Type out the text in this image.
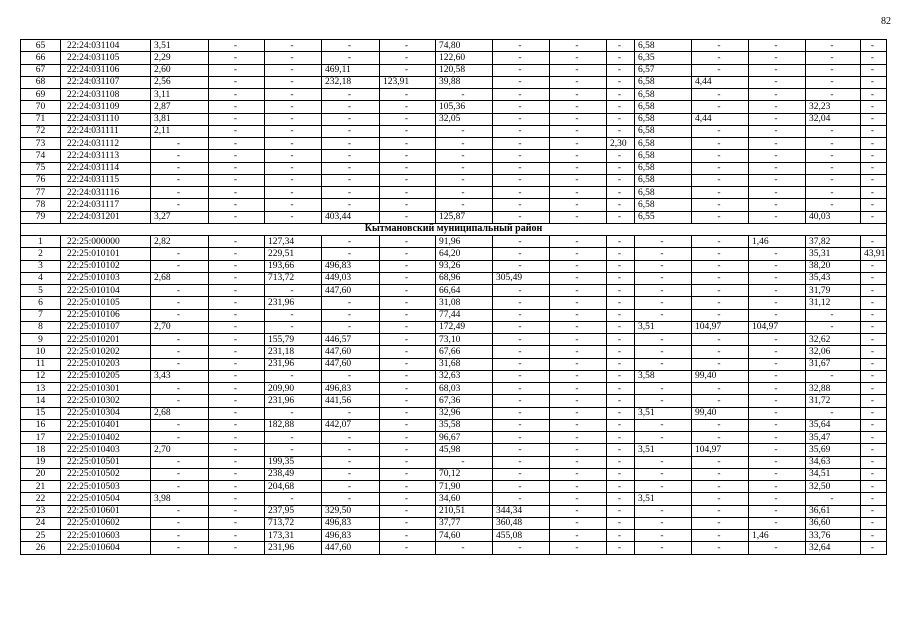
82
65	22:24:031104	3,51	-	-	-	-	74,80	-	-	-	6,58	-	-	-	-
66	22:24:031105	2,29	-	-	-	-	122,60	-	-	-	6,35	-	-	-	-
67	22:24:031106	2,60	-	-	469,11	-	120,58	-	-	-	6,57	-	-	-	-
68	22:24:031107	2,56	-	-	232,18	123,91	39,88	-	-	-	6,58	4,44	-	-	-
69	22:24:031108	3,11	-	-	-	-	-	-	-	-	6,58	-	-	-	-
70	22:24:031109	2,87	-	-	-	-	105,36	-	-	-	6,58	-	-	32,23	-
71	22:24:031110	3,81	-	-	-	-	32,05	-	-	-	6,58	4,44	-	32,04	-
72	22:24:031111	2,11	-	-	-	-	-	-	-	-	6,58	-	-	-	-
73	22:24:031112	-	-	-	-	-	-	-	-	2,30	6,58	-	-	-	-
74	22:24:031113	-	-	-	-	-	-	-	-	-	6,58	-	-	-	-
75	22:24:031114	-	-	-	-	-	-	-	-	-	6,58	-	-	-	-
76	22:24:031115	-	-	-	-	-	-	-	-	-	6,58	-	-	-	-
77	22:24:031116	-	-	-	-	-	-	-	-	-	6,58	-	-	-	-
78	22:24:031117	-	-	-	-	-	-	-	-	-	6,58	-	-	-	-
79	22:24:031201	3,27	-	-	403,44	-	125,87	-	-	-	6,55	-	-	40,03	-
Кытмановский муниципальный район															
1	22:25:000000	2,82	-	127,34	-	-	91,96	-	-	-	-	-	1,46	37,82	-
2	22:25:010101	-	-	229,51	-	-	64,20	-	-	-	-	-	-	35,31	43,91
3	22:25:010102	-	-	193,66	496,83	-	93,26	-	-	-	-	-	-	38,20	-
4	22:25:010103	2,68	-	713,72	449,03	-	68,96	305,49	-	-	-	-	-	35,43	-
5	22:25:010104	-	-	-	447,60	-	66,64	-	-	-	-	-	-	31,79	-
6	22:25:010105	-	-	231,96	-	-	31,08	-	-	-	-	-	-	31,12	-
7	22:25:010106	-	-	-	-	-	77,44	-	-	-	-	-	-	-	-
8	22:25:010107	2,70	-	-	-	-	172,49	-	-	-	3,51	104,97	104,97	-	-
9	22:25:010201	-	-	155,79	446,57	-	73,10	-	-	-	-	-	-	32,62	-
10	22:25:010202	-	-	231,18	447,60	-	67,66	-	-	-	-	-	-	32,06	-
11	22:25:010203	-	-	231,96	447,60	-	31,68	-	-	-	-	-	-	31,67	-
12	22:25:010205	3,43	-	-	-	-	32,63	-	-	-	3,58	99,40	-	-	-
13	22:25:010301	-	-	209,90	496,83	-	68,03	-	-	-	-	-	-	32,88	-
14	22:25:010302	-	-	231,96	441,56	-	67,36	-	-	-	-	-	-	31,72	-
15	22:25:010304	2,68	-	-	-	-	32,96	-	-	-	3,51	99,40	-	-	-
16	22:25:010401	-	-	182,88	442,07	-	35,58	-	-	-	-	-	-	35,64	-
17	22:25:010402	-	-	-	-	-	96,67	-	-	-	-	-	-	35,47	-
18	22:25:010403	2,70	-	-	-	-	45,98	-	-	-	3,51	104,97	-	35,69	-
19	22:25:010501	-	-	199,35	-	-	-	-	-	-	-	-	-	34,63	-
20	22:25:010502	-	-	238,49	-	-	70,12	-	-	-	-	-	-	34,51	-
21	22:25:010503	-	-	204,68	-	-	71,90	-	-	-	-	-	-	32,50	-
22	22:25:010504	3,98	-	-	-	-	34,60	-	-	-	3,51	-	-	-	-
23	22:25:010601	-	-	237,95	329,50	-	210,51	344,34	-	-	-	-	-	36,61	-
24	22:25:010602	-	-	713,72	496,83	-	37,77	360,48	-	-	-	-	-	36,60	-
25	22:25:010603	-	-	173,31	496,83	-	74,60	455,08	-	-	-	-	1,46	33,76	-
26	22:25:010604	-	-	231,96	447,60	-	-	-	-	-	-	-	-	32,64	-
